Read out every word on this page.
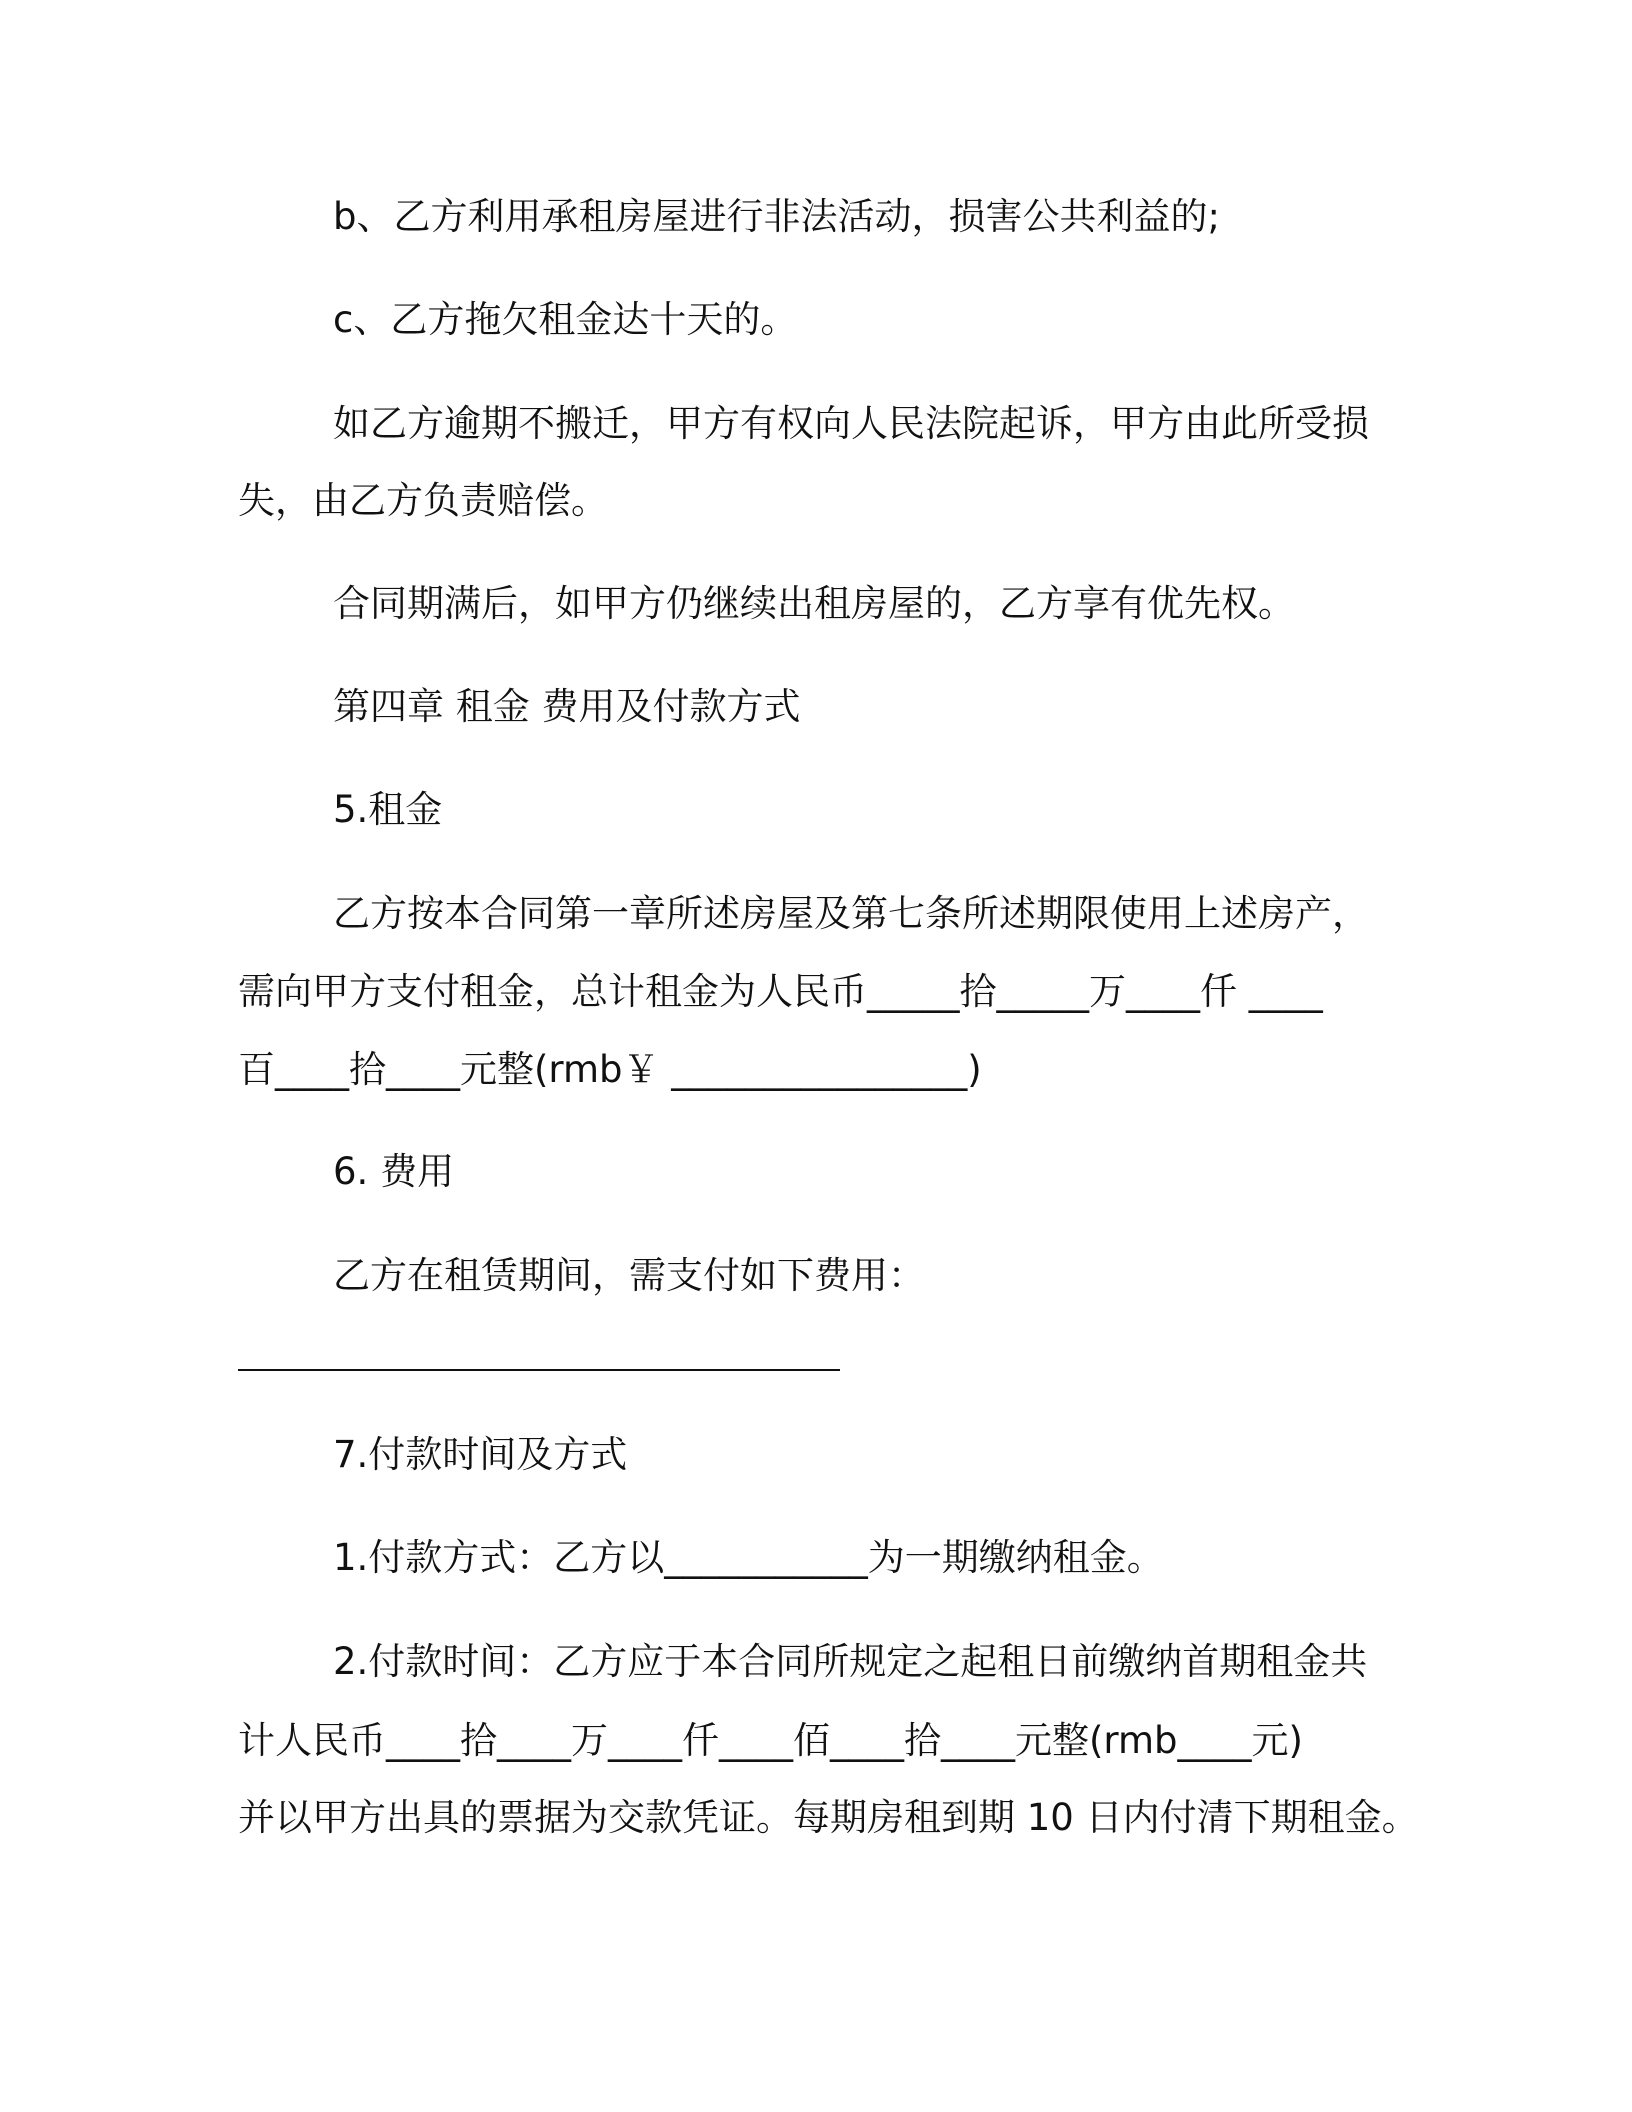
b、乙方利用承租房屋进行非法活动，损害公共利益的;
c、乙方拖欠租金达十天的。
如乙方逾期不搬迁，甲方有权向人民法院起诉，甲方由此所受损
失，由乙方负责赔偿。
合同期满后，如甲方仍继续出租房屋的，乙方享有优先权。
第四章 租金 费用及付款方式
5.租金
乙方按本合同第一章所述房屋及第七条所述期限使用上述房产，
需向甲方支付租金，总计租金为人民币_____拾_____万____仟 ____
百____拾____元整(rmb￥ ________________)
6. 费用
乙方在租赁期间，需支付如下费用：
7.付款时间及方式
1.付款方式：乙方以___________为一期缴纳租金。
2.付款时间：乙方应于本合同所规定之起租日前缴纳首期租金共
计人民币____拾____万____仟____佰____拾____元整(rmb____元)
并以甲方出具的票据为交款凭证。每期房租到期 10 日内付清下期租金。
